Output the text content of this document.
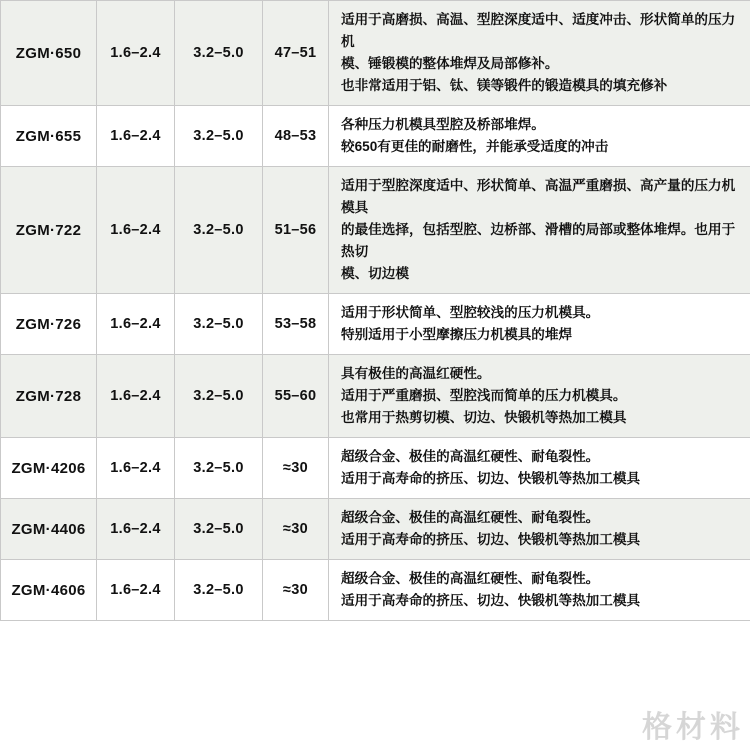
ZGM·650	1.6–2.4	3.2–5.0	47–51	适用于高磨损、高温、型腔深度适中、适度冲击、形状简单的压力机

模、锤锻模的整体堆焊及局部修补。

也非常适用于铝、钛、镁等锻件的锻造模具的填充修补

ZGM·655	1.6–2.4	3.2–5.0	48–53	各种压力机模具型腔及桥部堆焊。

较650有更佳的耐磨性，并能承受适度的冲击

ZGM·722	1.6–2.4	3.2–5.0	51–56	适用于型腔深度适中、形状简单、高温严重磨损、高产量的压力机模具

的最佳选择，包括型腔、边桥部、滑槽的局部或整体堆焊。也用于热切

模、切边模

ZGM·726	1.6–2.4	3.2–5.0	53–58	适用于形状简单、型腔较浅的压力机模具。

特别适用于小型摩擦压力机模具的堆焊

ZGM·728	1.6–2.4	3.2–5.0	55–60	具有极佳的高温红硬性。

适用于严重磨损、型腔浅而简单的压力机模具。

也常用于热剪切模、切边、快锻机等热加工模具

ZGM·4206	1.6–2.4	3.2–5.0	≈30	超级合金、极佳的高温红硬性、耐龟裂性。

适用于高寿命的挤压、切边、快锻机等热加工模具

ZGM·4406	1.6–2.4	3.2–5.0	≈30	超级合金、极佳的高温红硬性、耐龟裂性。

适用于高寿命的挤压、切边、快锻机等热加工模具

ZGM·4606	1.6–2.4	3.2–5.0	≈30	超级合金、极佳的高温红硬性、耐龟裂性。

适用于高寿命的挤压、切边、快锻机等热加工模具

格材料
